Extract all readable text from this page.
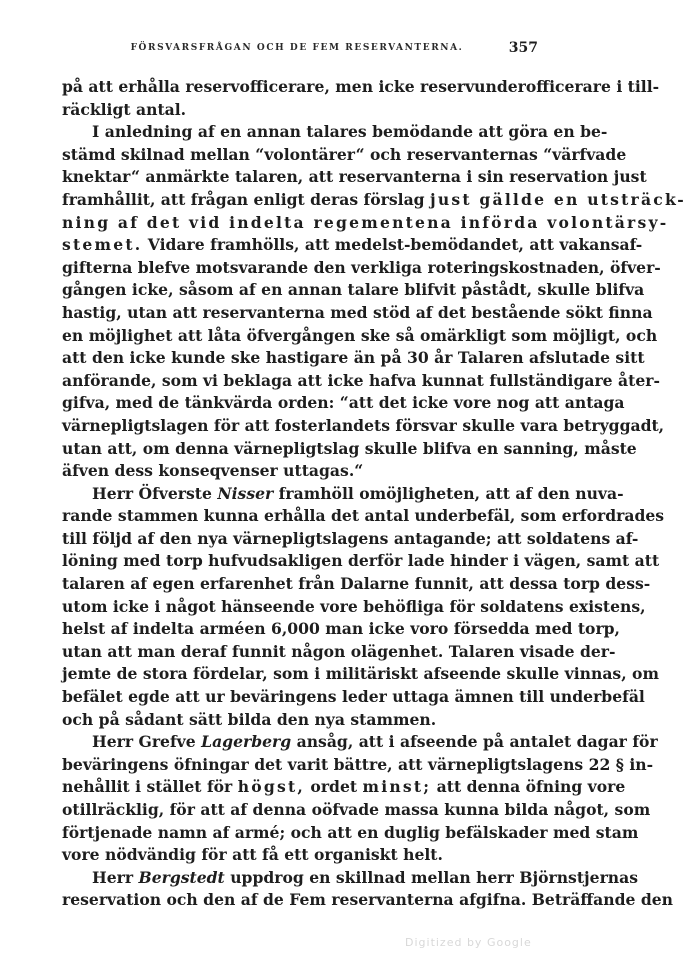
FÖRSVARSFRÅGAN OCH DE FEM RESERVANTERNA.	357
på att erhålla reservofficerare, men icke reservunderofficerare i till-
räckligt antal.
I anledning af en annan talares bemödande att göra en be-
stämd skilnad mellan “volontärer“ och reservanternas “värfvade
knektar“ anmärkte talaren, att reservanterna i sin reservation just
framhållit, att frågan enligt deras förslag just gällde en utsträck-
ning af det vid indelta regementena införda volontärsy-
stemet. Vidare framhölls, att medelst-bemödandet, att vakansaf-
gifterna blefve motsvarande den verkliga roteringskostnaden, öfver-
gången icke, såsom af en annan talare blifvit påstådt, skulle blifva
hastig, utan att reservanterna med stöd af det bestående sökt finna
en möjlighet att låta öfvergången ske så omärkligt som möjligt, och
att den icke kunde ske hastigare än på 30 år Talaren afslutade sitt
anförande, som vi beklaga att icke hafva kunnat fullständigare åter-
gifva, med de tänkvärda orden: “att det icke vore nog att antaga
värnepligtslagen för att fosterlandets försvar skulle vara betryggadt,
utan att, om denna värnepligtslag skulle blifva en sanning, måste
äfven dess konseqvenser uttagas.“
Herr Öfverste Nisser framhöll omöjligheten, att af den nuva-
rande stammen kunna erhålla det antal underbefäl, som erfordrades
till följd af den nya värnepligtslagens antagande; att soldatens af-
löning med torp hufvudsakligen derför lade hinder i vägen, samt att
talaren af egen erfarenhet från Dalarne funnit, att dessa torp dess-
utom icke i något hänseende vore behöfliga för soldatens existens,
helst af indelta arméen 6,000 man icke voro försedda med torp,
utan att man deraf funnit någon olägenhet. Talaren visade der-
jemte de stora fördelar, som i militäriskt afseende skulle vinnas, om
befälet egde att ur beväringens leder uttaga ämnen till underbefäl
och på sådant sätt bilda den nya stammen.
Herr Grefve Lagerberg ansåg, att i afseende på antalet dagar för
beväringens öfningar det varit bättre, att värnepligtslagens 22 § in-
nehållit i stället för högst, ordet minst; att denna öfning vore
otillräcklig, för att af denna oöfvade massa kunna bilda något, som
förtjenade namn af armé; och att en duglig befälskader med stam
vore nödvändig för att få ett organiskt helt.
Herr Bergstedt uppdrog en skillnad mellan herr Björnstjernas
reservation och den af de Fem reservanterna afgifna. Beträffande den
Digitized by Google
